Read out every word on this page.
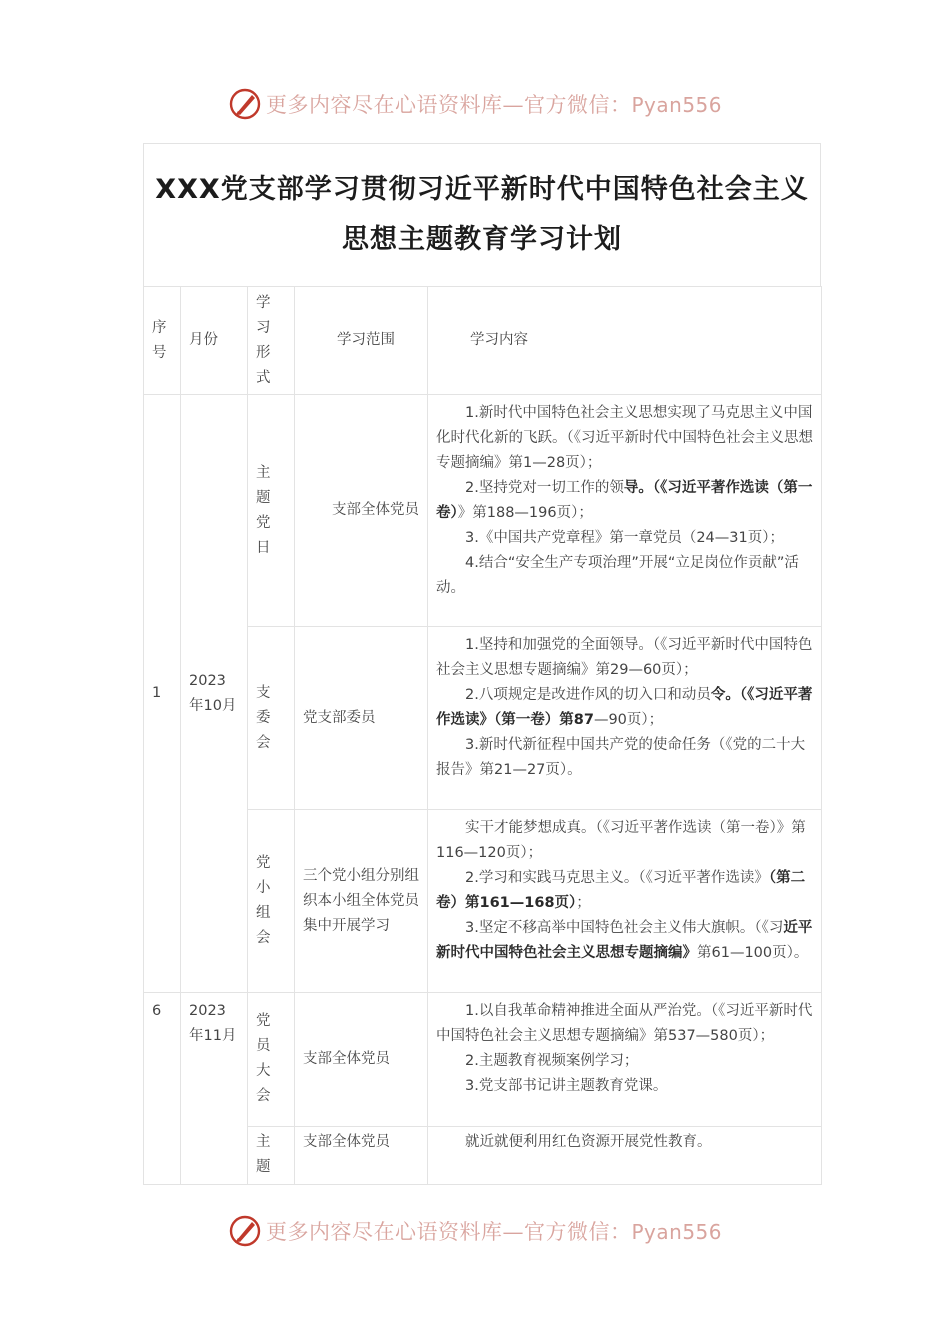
更多内容尽在心语资料库—官方微信：Pyan556
XXX党支部学习贯彻习近平新时代中国特色社会主义
思想主题教育学习计划
序号	月份	学习形式	学习范围	学习内容
1	2023年10月	主题党日	支部全体党员	1.新时代中国特色社会主义思想实现了马克思主义中国化时代化新的飞跃。（《习近平新时代中国特色社会主义思想专题摘编》第1—28页）；

2.坚持党对一切工作的领导。（《习近平著作选读（第一卷）》第188—196页）；

3.《中国共产党章程》第一章党员（24—31页）；

4.结合“安全生产专项治理”开展“立足岗位作贡献”活动。

		支委会	党支部委员	1.坚持和加强党的全面领导。（《习近平新时代中国特色社会主义思想专题摘编》第29—60页）；

2.八项规定是改进作风的切入口和动员令。（《习近平著作选读》（第一卷）第87—90页）；

3.新时代新征程中国共产党的使命任务（《党的二十大报告》第21—27页）。

		党小组会	三个党小组分别组织本小组全体党员集中开展学习	实干才能梦想成真。（《习近平著作选读（第一卷）》第116—120页）；

2.学习和实践马克思主义。（《习近平著作选读》（第二卷）第161—168页）；

3.坚定不移高举中国特色社会主义伟大旗帜。（《习近平新时代中国特色社会主义思想专题摘编》第61—100页）。

6	2023年11月	党员大会	支部全体党员	1.以自我革命精神推进全面从严治党。（《习近平新时代中国特色社会主义思想专题摘编》第537—580页）；

2.主题教育视频案例学习；

3.党支部书记讲主题教育党课。

		主题	支部全体党员	就近就便利用红色资源开展党性教育。

更多内容尽在心语资料库—官方微信：Pyan556
